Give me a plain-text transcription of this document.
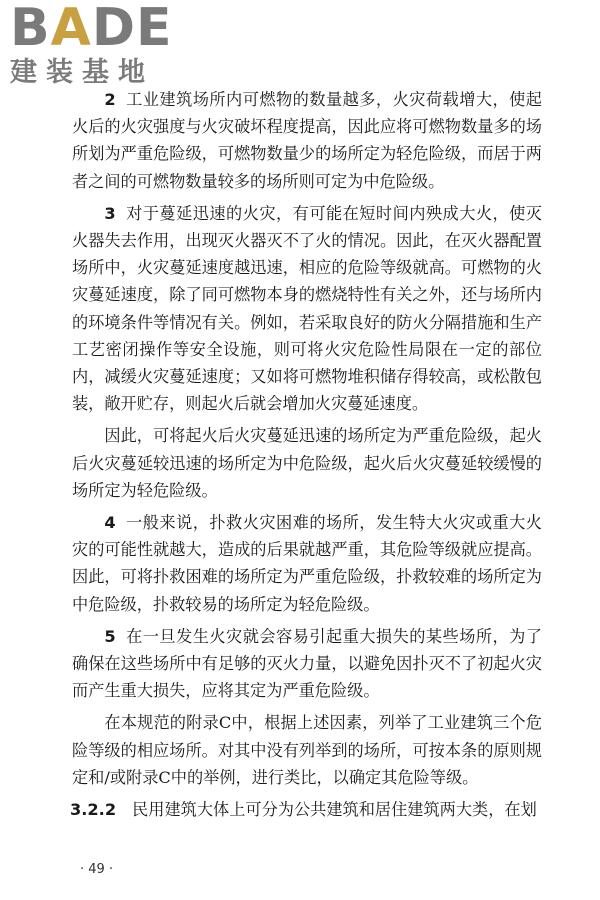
BADE
建装基地

2 工业建筑场所内可燃物的数量越多，火灾荷载增大，使起火后的火灾强度与火灾破坏程度提高，因此应将可燃物数量多的场所划为严重危险级，可燃物数量少的场所定为轻危险级，而居于两者之间的可燃物数量较多的场所则可定为中危险级。

3 对于蔓延迅速的火灾，有可能在短时间内殃成大火，使灭火器失去作用，出现灭火器灭不了火的情况。因此，在灭火器配置场所中，火灾蔓延速度越迅速，相应的危险等级就高。可燃物的火灾蔓延速度，除了同可燃物本身的燃烧特性有关之外，还与场所内的环境条件等情况有关。例如，若采取良好的防火分隔措施和生产工艺密闭操作等安全设施，则可将火灾危险性局限在一定的部位内，减缓火灾蔓延速度；又如将可燃物堆积储存得较高，或松散包装，敞开贮存，则起火后就会增加火灾蔓延速度。

因此，可将起火后火灾蔓延迅速的场所定为严重危险级，起火后火灾蔓延较迅速的场所定为中危险级，起火后火灾蔓延较缓慢的场所定为轻危险级。

4 一般来说，扑救火灾困难的场所，发生特大火灾或重大火灾的可能性就越大，造成的后果就越严重，其危险等级就应提高。因此，可将扑救困难的场所定为严重危险级，扑救较难的场所定为中危险级，扑救较易的场所定为轻危险级。

5 在一旦发生火灾就会容易引起重大损失的某些场所，为了确保在这些场所中有足够的灭火力量，以避免因扑灭不了初起火灾而产生重大损失，应将其定为严重危险级。

在本规范的附录C中，根据上述因素，列举了工业建筑三个危险等级的相应场所。对其中没有列举到的场所，可按本条的原则规定和/或附录C中的举例，进行类比，以确定其危险等级。

3.2.2 民用建筑大体上可分为公共建筑和居住建筑两大类，在划

· 49 ·
